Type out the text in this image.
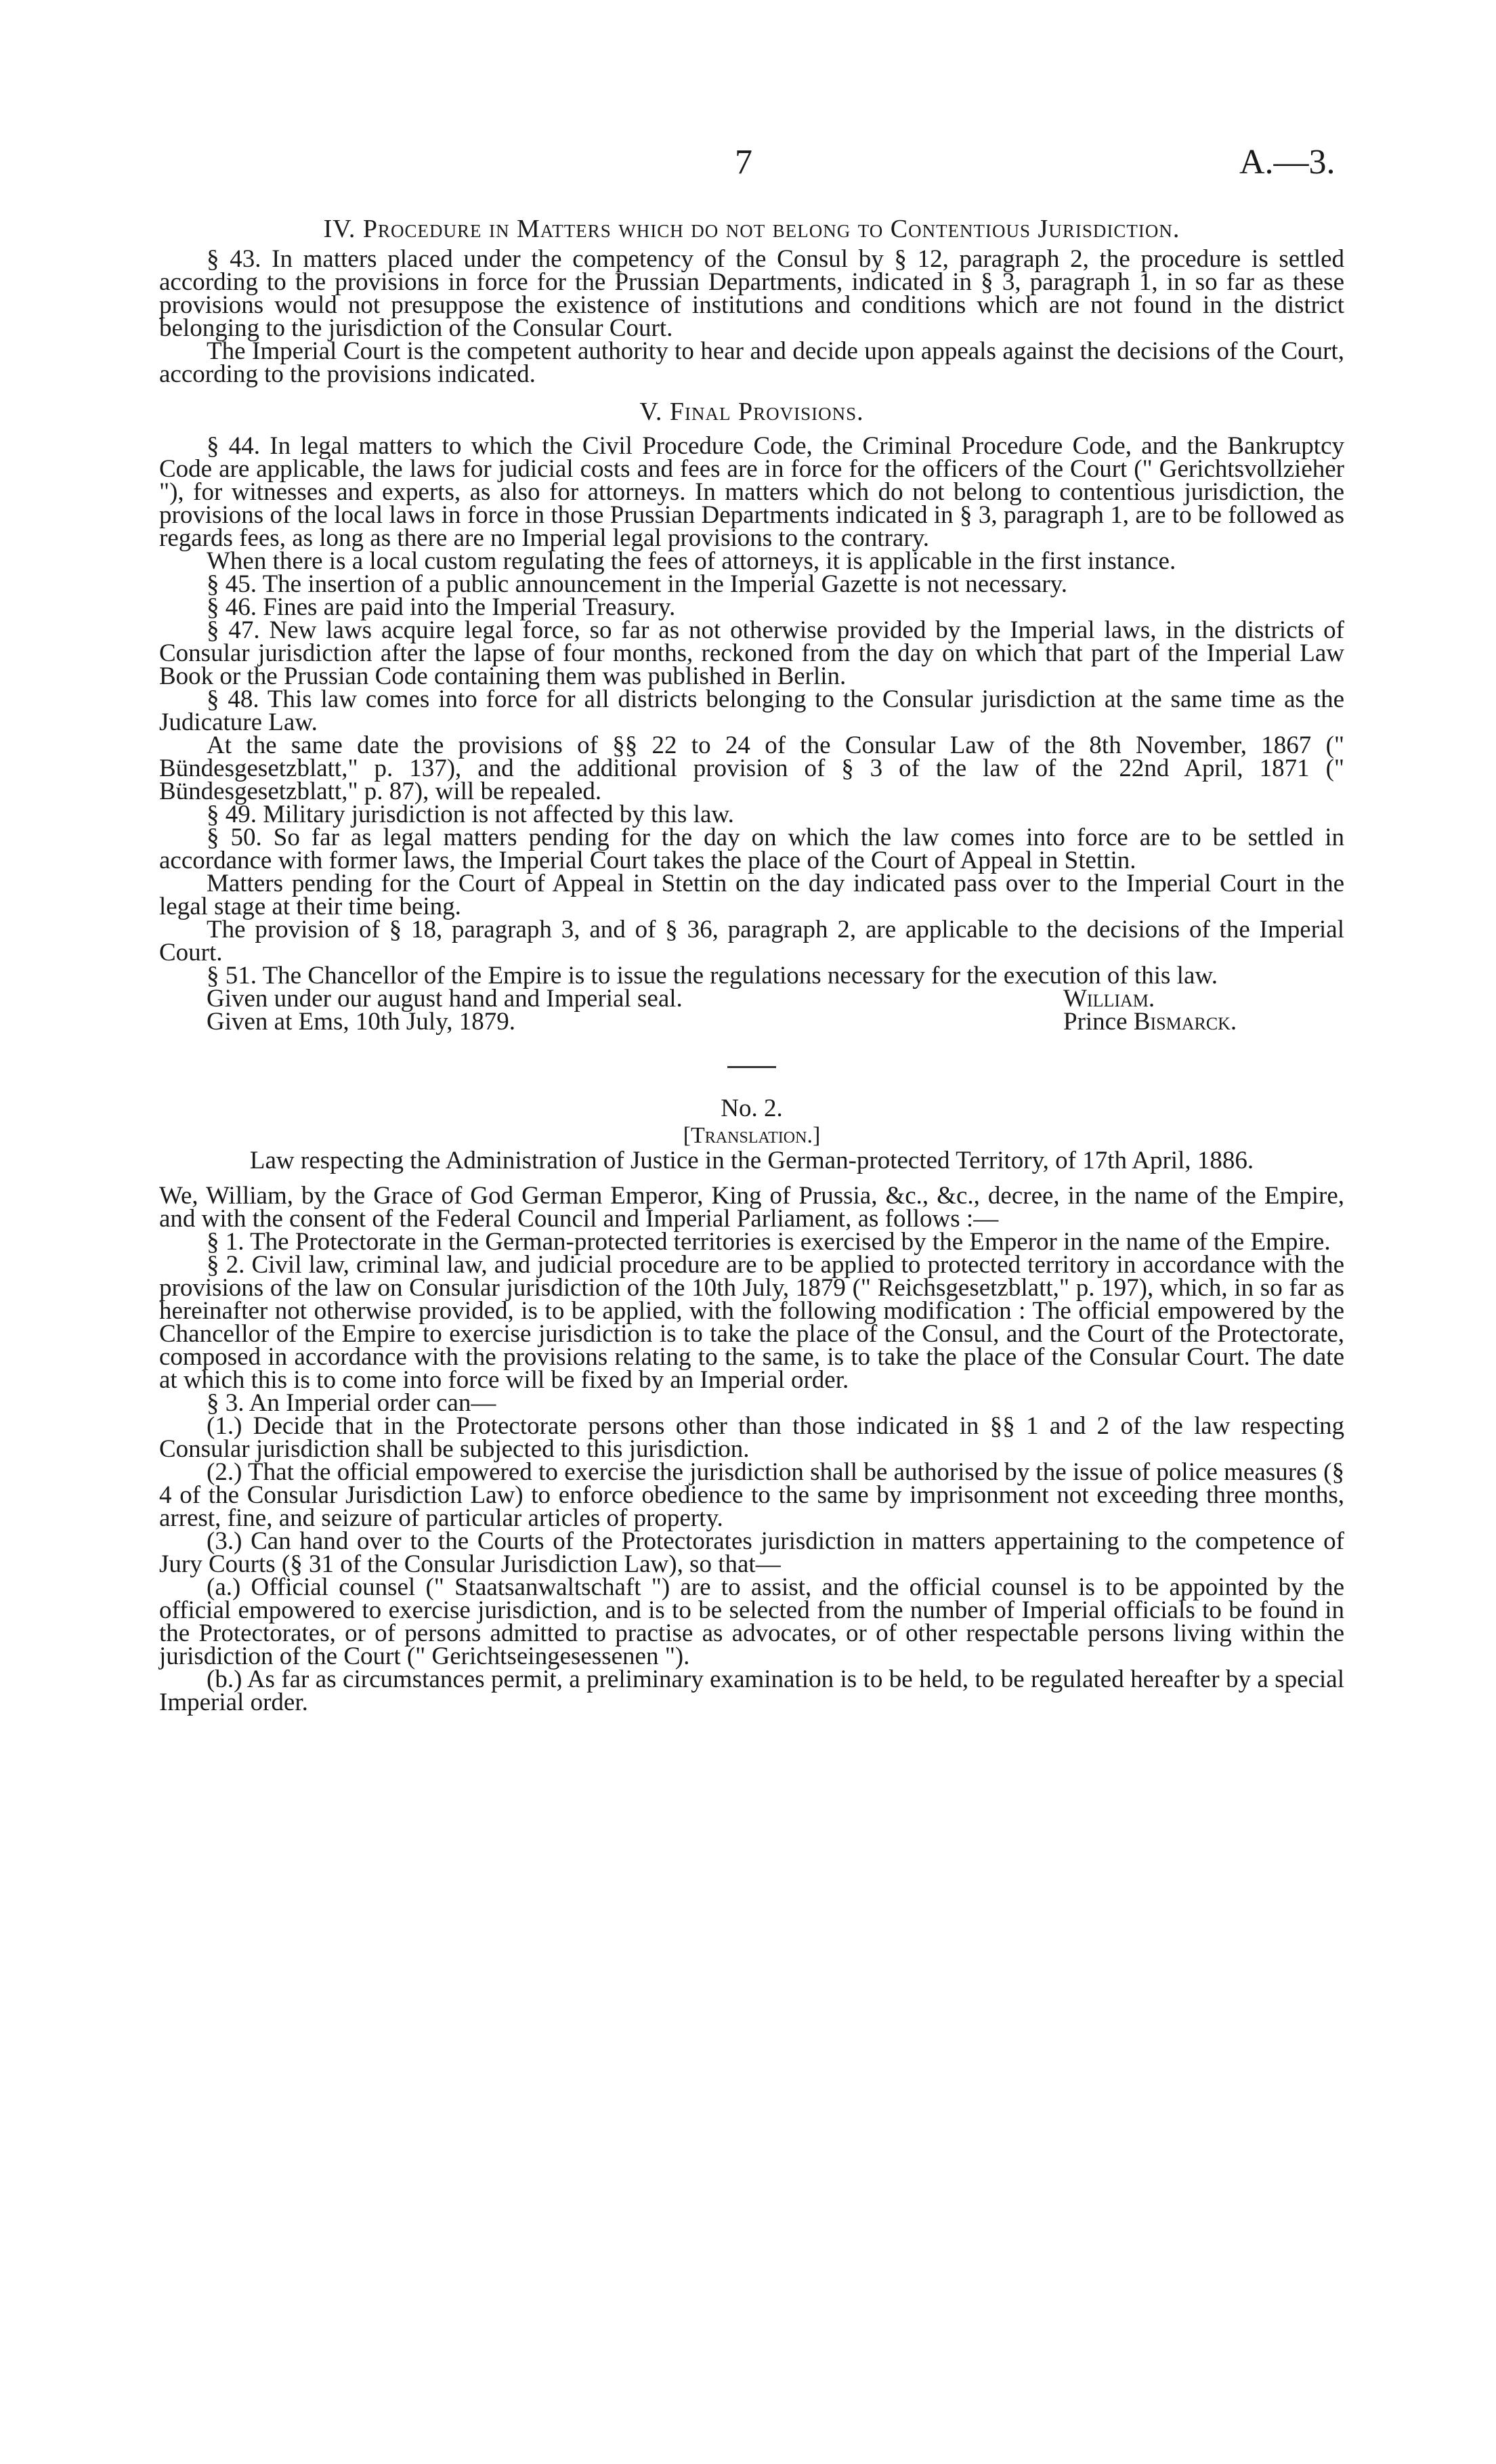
7	A.—3.

IV. Procedure in Matters which do not belong to Contentious Jurisdiction.

§ 43. In matters placed under the competency of the Consul by § 12, paragraph 2, the procedure is settled according to the provisions in force for the Prussian Departments, indicated in § 3, paragraph 1, in so far as these provisions would not presuppose the existence of institutions and conditions which are not found in the district belonging to the jurisdiction of the Consular Court.

The Imperial Court is the competent authority to hear and decide upon appeals against the decisions of the Court, according to the provisions indicated.

V. Final Provisions.

§ 44. In legal matters to which the Civil Procedure Code, the Criminal Procedure Code, and the Bankruptcy Code are applicable, the laws for judicial costs and fees are in force for the officers of the Court (" Gerichtsvollzieher "), for witnesses and experts, as also for attorneys. In matters which do not belong to contentious jurisdiction, the provisions of the local laws in force in those Prussian Departments indicated in § 3, paragraph 1, are to be followed as regards fees, as long as there are no Imperial legal provisions to the contrary.

When there is a local custom regulating the fees of attorneys, it is applicable in the first instance.

§ 45. The insertion of a public announcement in the Imperial Gazette is not necessary.

§ 46. Fines are paid into the Imperial Treasury.

§ 47. New laws acquire legal force, so far as not otherwise provided by the Imperial laws, in the districts of Consular jurisdiction after the lapse of four months, reckoned from the day on which that part of the Imperial Law Book or the Prussian Code containing them was published in Berlin.

§ 48. This law comes into force for all districts belonging to the Consular jurisdiction at the same time as the Judicature Law.

At the same date the provisions of §§ 22 to 24 of the Consular Law of the 8th November, 1867 (" Bündesgesetzblatt," p. 137), and the additional provision of § 3 of the law of the 22nd April, 1871 (" Bündesgesetzblatt," p. 87), will be repealed.

§ 49. Military jurisdiction is not affected by this law.

§ 50. So far as legal matters pending for the day on which the law comes into force are to be settled in accordance with former laws, the Imperial Court takes the place of the Court of Appeal in Stettin.

Matters pending for the Court of Appeal in Stettin on the day indicated pass over to the Imperial Court in the legal stage at their time being.

The provision of § 18, paragraph 3, and of § 36, paragraph 2, are applicable to the decisions of the Imperial Court.

§ 51. The Chancellor of the Empire is to issue the regulations necessary for the execution of this law.

Given under our august hand and Imperial seal.	William.
Given at Ems, 10th July, 1879.	Prince Bismarck.

No. 2.

[Translation.]

Law respecting the Administration of Justice in the German-protected Territory, of 17th April, 1886.

We, William, by the Grace of God German Emperor, King of Prussia, &c., &c., decree, in the name of the Empire, and with the consent of the Federal Council and Imperial Parliament, as follows :—

§ 1. The Protectorate in the German-protected territories is exercised by the Emperor in the name of the Empire.

§ 2. Civil law, criminal law, and judicial procedure are to be applied to protected territory in accordance with the provisions of the law on Consular jurisdiction of the 10th July, 1879 (" Reichsgesetzblatt," p. 197), which, in so far as hereinafter not otherwise provided, is to be applied, with the following modification : The official empowered by the Chancellor of the Empire to exercise jurisdiction is to take the place of the Consul, and the Court of the Protectorate, composed in accordance with the provisions relating to the same, is to take the place of the Consular Court. The date at which this is to come into force will be fixed by an Imperial order.

§ 3. An Imperial order can—

(1.) Decide that in the Protectorate persons other than those indicated in §§ 1 and 2 of the law respecting Consular jurisdiction shall be subjected to this jurisdiction.

(2.) That the official empowered to exercise the jurisdiction shall be authorised by the issue of police measures (§ 4 of the Consular Jurisdiction Law) to enforce obedience to the same by imprisonment not exceeding three months, arrest, fine, and seizure of particular articles of property.

(3.) Can hand over to the Courts of the Protectorates jurisdiction in matters appertaining to the competence of Jury Courts (§ 31 of the Consular Jurisdiction Law), so that—

(a.) Official counsel (" Staatsanwaltschaft ") are to assist, and the official counsel is to be appointed by the official empowered to exercise jurisdiction, and is to be selected from the number of Imperial officials to be found in the Protectorates, or of persons admitted to practise as advocates, or of other respectable persons living within the jurisdiction of the Court (" Gerichtseingesessenen ").

(b.) As far as circumstances permit, a preliminary examination is to be held, to be regulated hereafter by a special Imperial order.
